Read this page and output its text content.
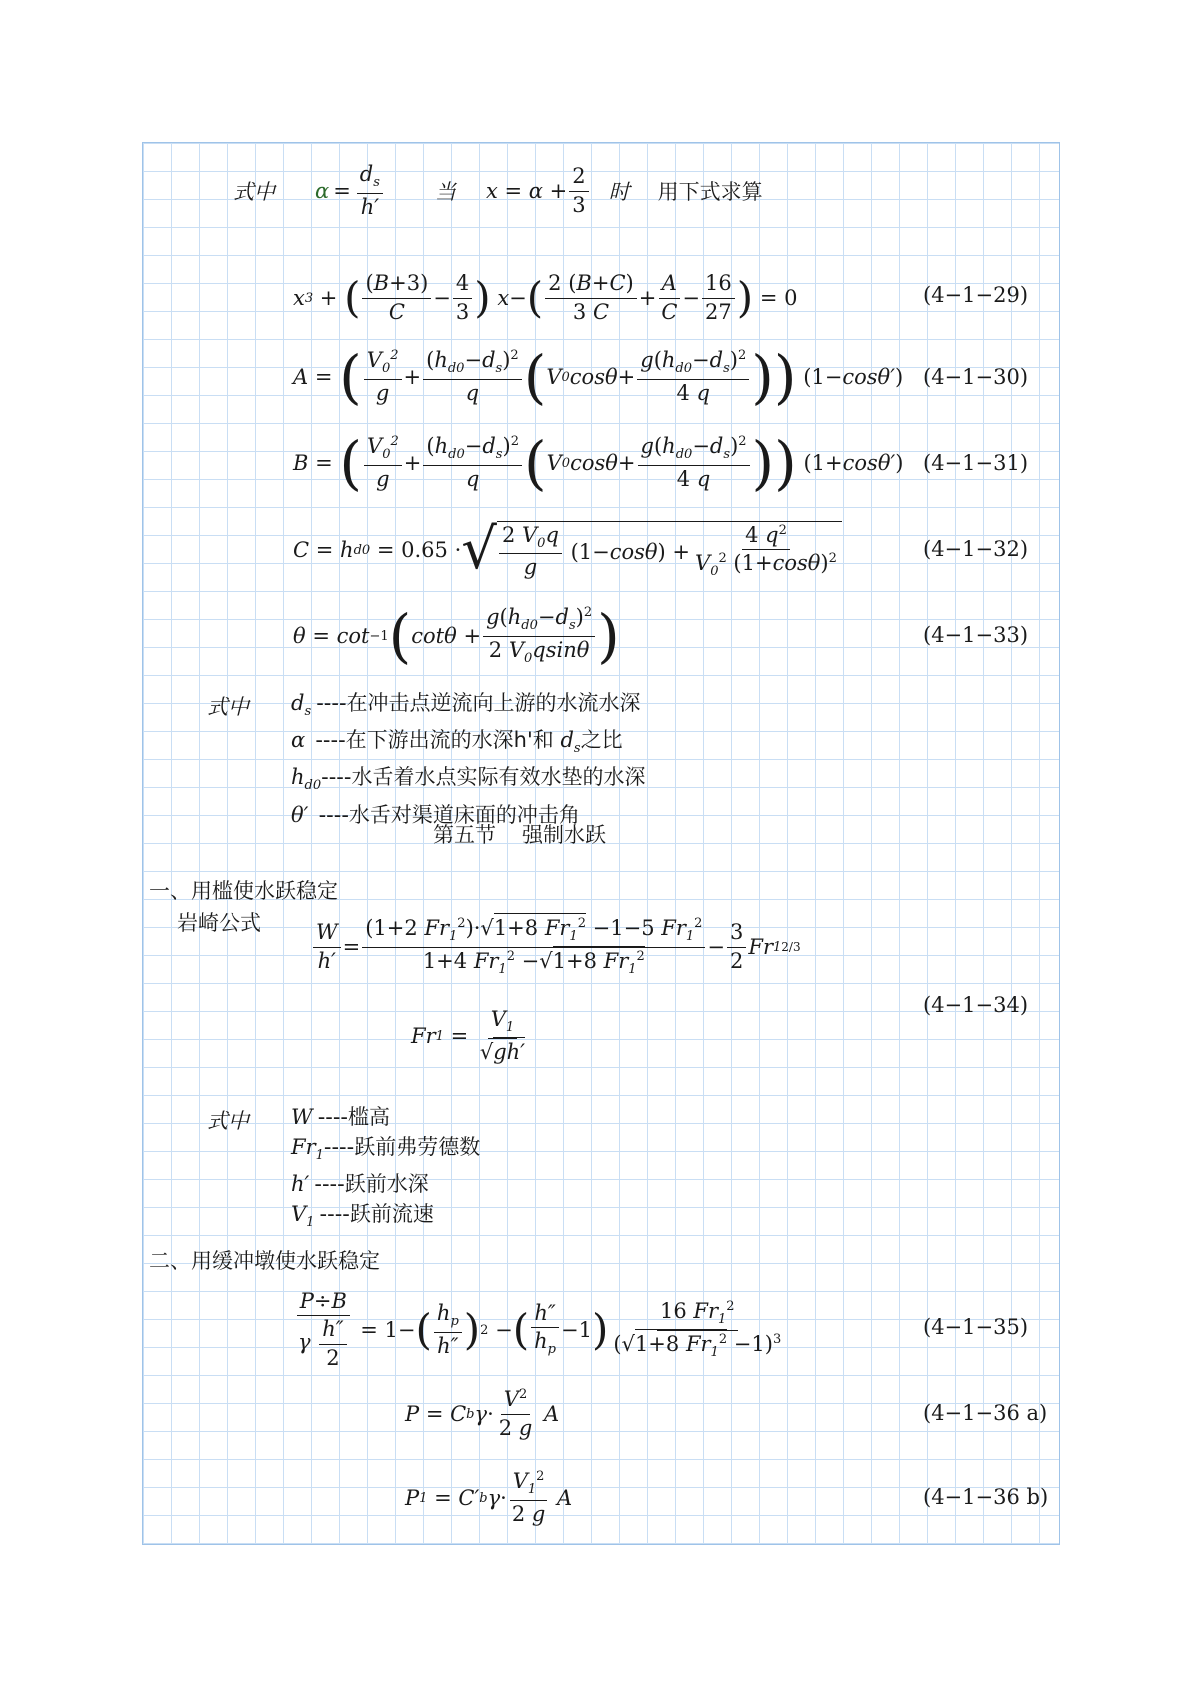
式中 $\alpha = \frac{d_s}{h'}$ 当 $x = \alpha + \frac{2}{3}$ 时 用下式求算
x 3 + ( $\frac{(B+3)}{C} - \frac{4}{3}$ ) x − ( $\frac{2 (B+C)}{3 C} + \frac{A}{C} - \frac{16}{27}$ ) = 0	(4−1−29)
A = ( $\frac{V_0^2}{g} + \frac{(h_{d0}-d_s)^2}{q}$ ( V 0 $\cos\theta + \frac{g(h_{d0}-d_s)^2}{4 q}$ )) (1− cosθ′ ) (4−1−30)
B = ( $\frac{V_0^2}{g} + \frac{(h_{d0}-d_s)^2}{q}$ ( V 0 $\cos\theta + \frac{g(h_{d0}-d_s)^2}{4 q}$ )) (1+ cosθ′ ) (4−1−31)
C = h d0 = 0.65 · √ $\frac{2 V_0q}{g} (1- \cos\theta$ ) + $\frac{4 q^2}{V_0^2 (1+\cos\theta)^2}$	(4−1−32)
θ = cot −1 ( $\cot\theta + \frac{g(h_{d0}-d_s)^2}{2 V_0qsin\theta}$ )	(4−1−33)
式中 $d_s$ ----在冲击点逆流向上游的水流水深
α ----在下游出流的水深h'和 $d_s$之比
$h_{d0}----$水舌着水点实际有效水垫的水深
θ′ ----水舌对渠道床面的冲击角
第五节 强制水跃
一、用槛使水跃稳定
岩崎公式 $\frac{W}{h'} = \frac{(1+2 Fr_1^2)\cdot√1+8 Fr_1^2 -1-5 Fr_1^2}{1+4 Fr_1^2 -√1+8 Fr_1^2} - \frac{3}{2}$ Fr 1 2/3
Fr $1 = \frac{V_1}{√gh'}$
(4−1−34)
式中 W ----槛高
$Fr_1----$跃前弗劳德数
h′ ----跃前水深
$V_1$ ----跃前流速
二、用缓冲墩使水跃稳定
$\frac{P\div B}{\gamma \frac{h''}{2}} = 1-$ ( $\frac{h_p}{h''}$ ) 2 − ( $\frac{h''}{h_p} -1$ ) $\frac{16 Fr_1^2}{(√1+8 Fr_1^2 -1)^3}$	(4−1−35)
P = C b $\gamma \cdot \frac{V^2}{2 g}$ A	(4−1−36 a)
P 1 = C′ b $\gamma \cdot \frac{V_1^2}{2 g}$ A	(4−1−36 b)
